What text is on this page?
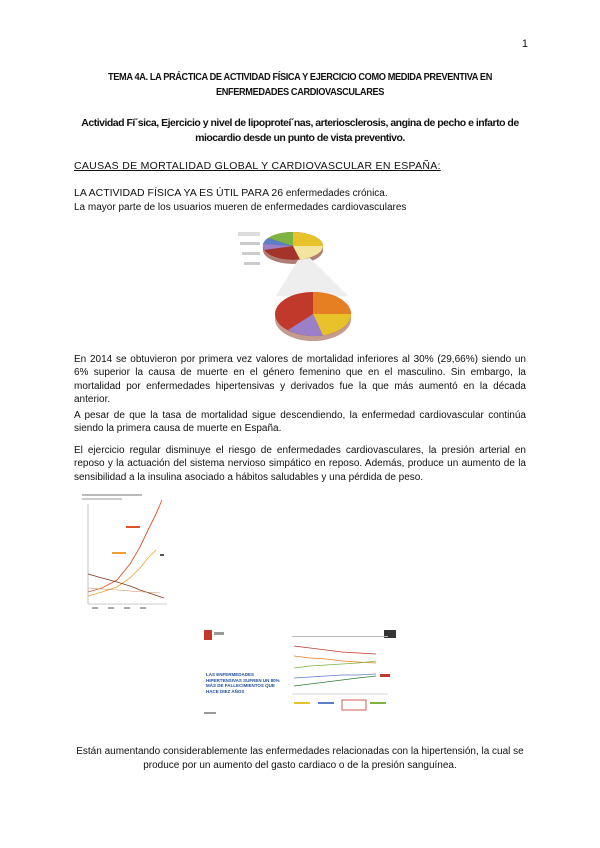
1
TEMA 4A. LA PRÁCTICA DE ACTIVIDAD FÍSICA Y EJERCICIO COMO MEDIDA PREVENTIVA EN ENFERMEDADES CARDIOVASCULARES
Actividad Fí´sica, Ejercicio y nivel de lipoproteí´nas, arteriosclerosis, angina de pecho e infarto de miocardio desde un punto de vista preventivo.
CAUSAS DE MORTALIDAD GLOBAL Y CARDIOVASCULAR EN ESPAÑA:
LA ACTIVIDAD FÍSICA YA ES ÚTIL PARA 26 enfermedades crónica.
La mayor parte de los usuarios mueren de enfermedades cardiovasculares
En 2014 se obtuvieron por primera vez valores de mortalidad inferiores al 30% (29,66%) siendo un 6% superior la causa de muerte en el género femenino que en el masculino. Sin embargo, la mortalidad por enfermedades hipertensivas y derivados fue la que más aumentó en la década anterior.
A pesar de que la tasa de mortalidad sigue descendiendo, la enfermedad cardiovascular continúa siendo la primera causa de muerte en España.
El ejercicio regular disminuye el riesgo de enfermedades cardiovasculares, la presión arterial en reposo y la actuación del sistema nervioso simpático en reposo. Además, produce un aumento de la sensibilidad a la insulina asociado a hábitos saludables y una pérdida de peso.
LAS ENFERMEDADES HIPERTENSIVAS SUFREN UN 80% MÁS DE FALLECIMIENTOS QUE HACE DIEZ AÑOS
Están aumentando considerablemente las enfermedades relacionadas con la hipertensión, la cual se produce por un aumento del gasto cardiaco o de la presión sanguínea.
